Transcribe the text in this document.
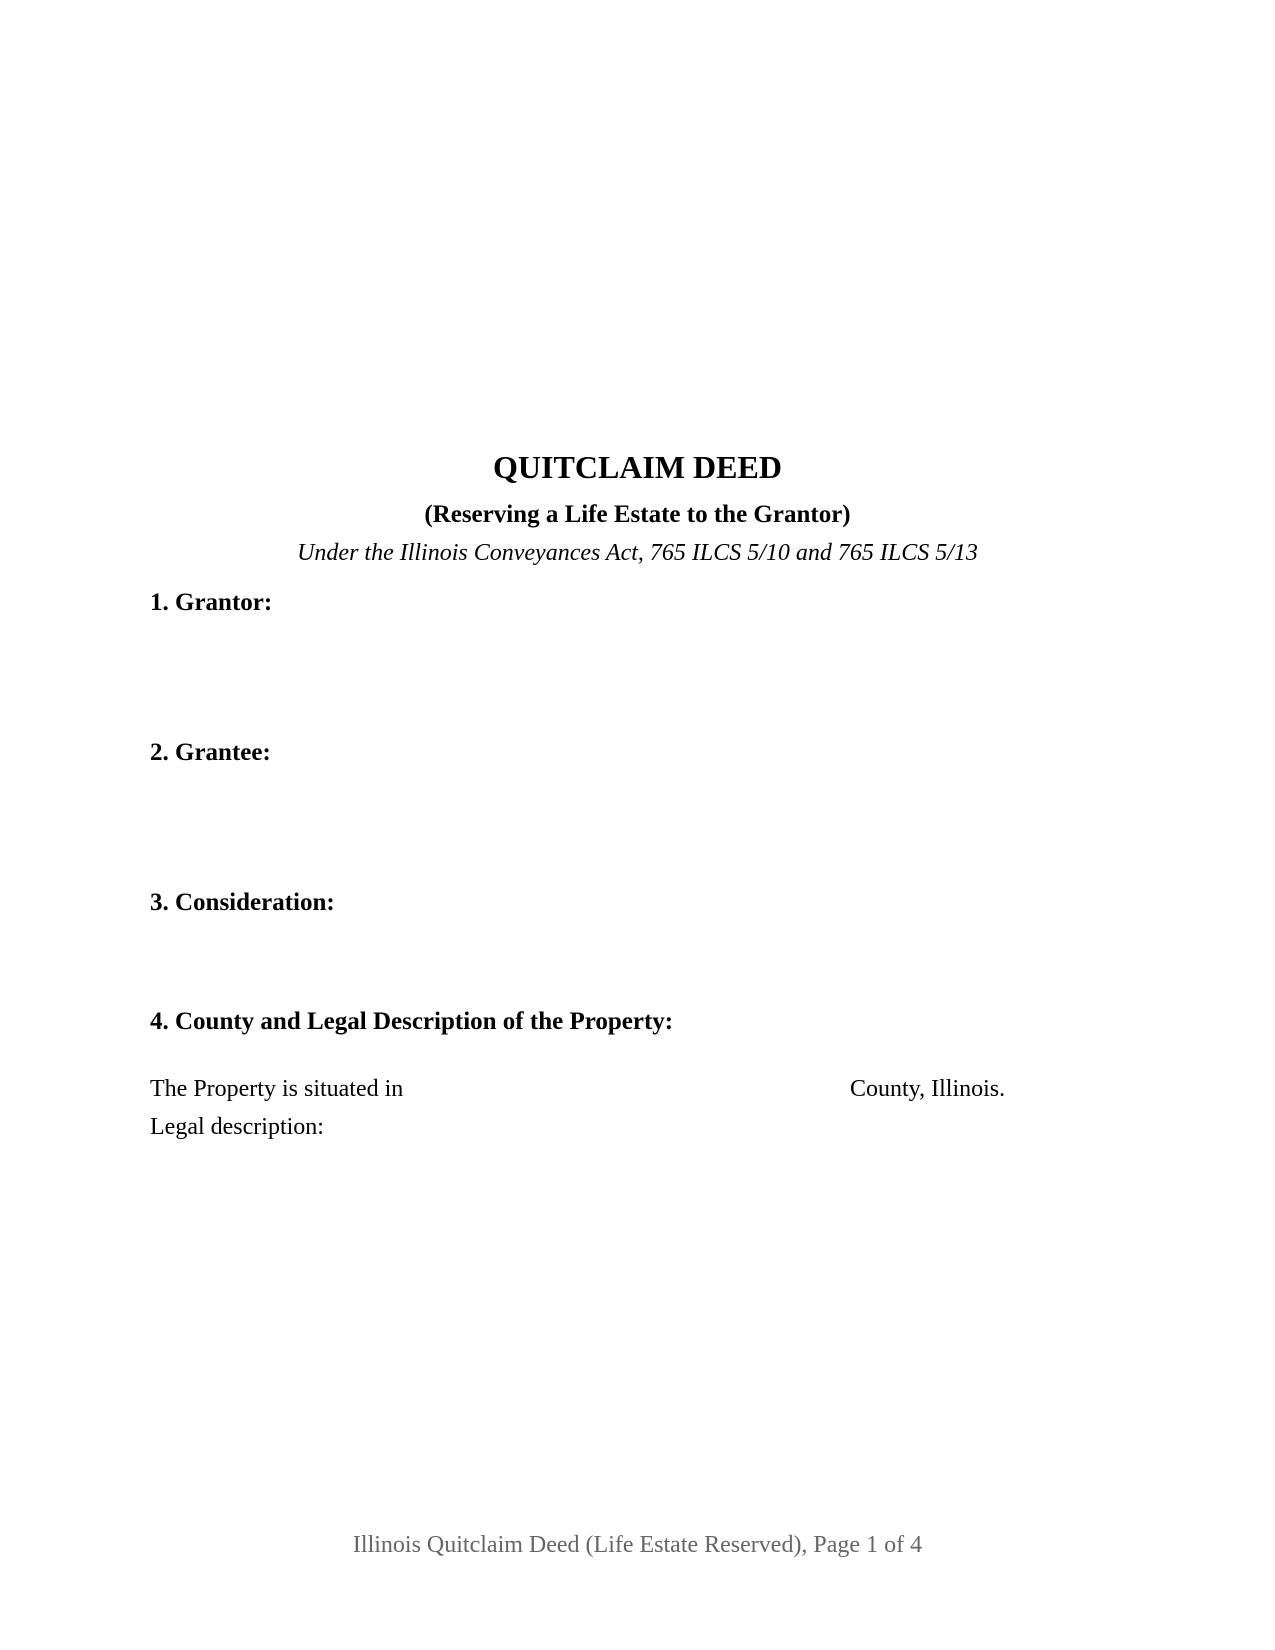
QUITCLAIM DEED
(Reserving a Life Estate to the Grantor)
Under the Illinois Conveyances Act, 765 ILCS 5/10 and 765 ILCS 5/13
1. Grantor:
2. Grantee:
3. Consideration:
4. County and Legal Description of the Property:
The Property is situated in	County, Illinois.
Legal description:
Illinois Quitclaim Deed (Life Estate Reserved), Page 1 of 4
